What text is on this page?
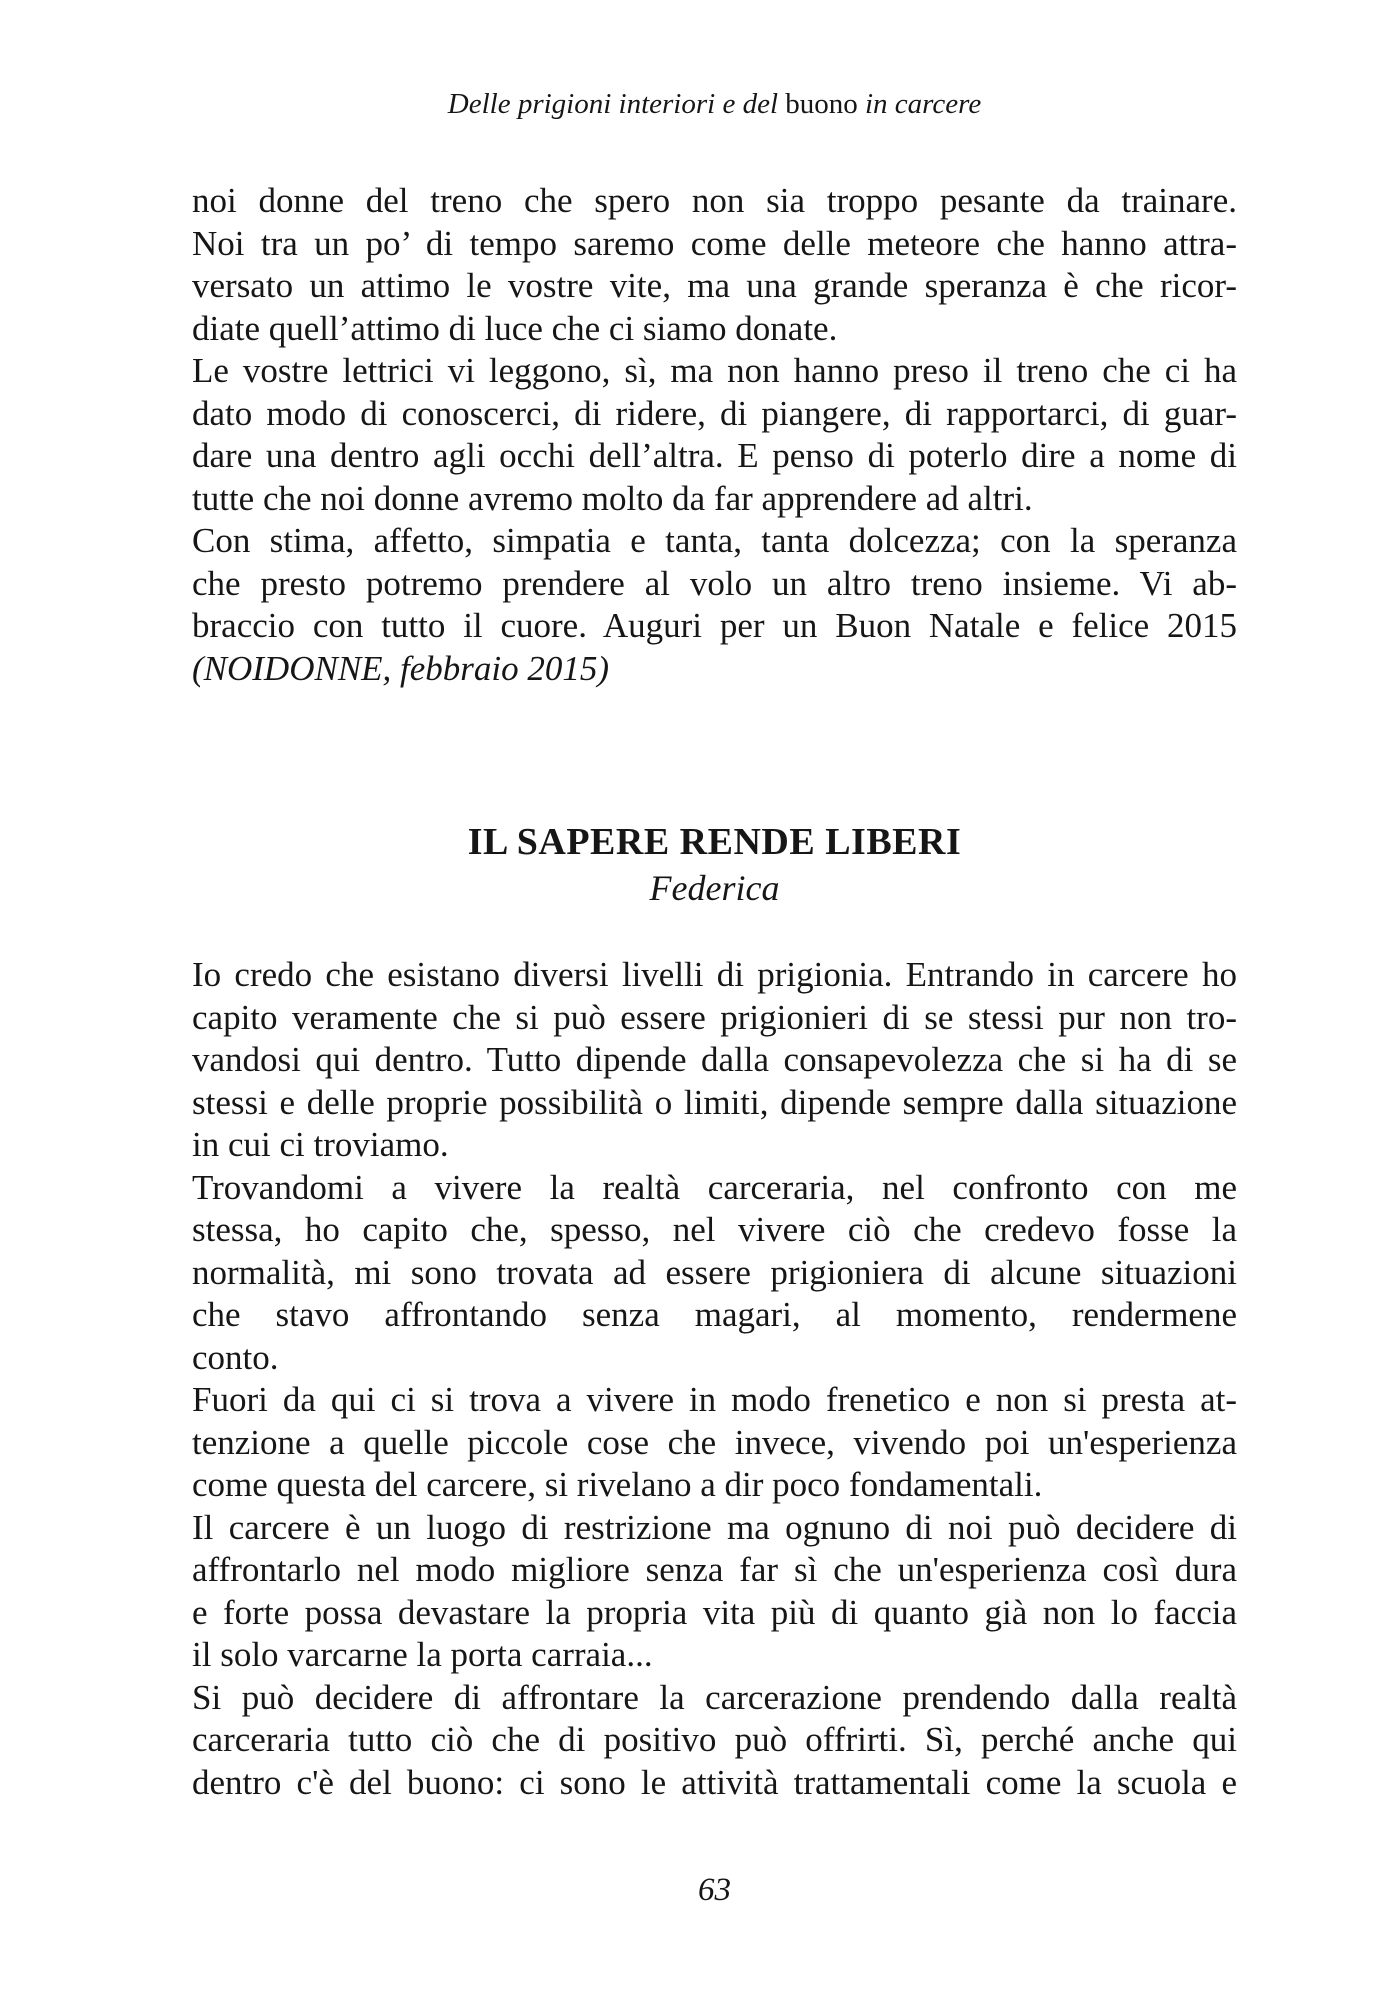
Delle prigioni interiori e del buono in carcere
noi donne del treno che spero non sia troppo pesante da trainare.
Noi tra un po’ di tempo saremo come delle meteore che hanno attra-
versato un attimo le vostre vite, ma una grande speranza è che ricor-
diate quell’attimo di luce che ci siamo donate.
Le vostre lettrici vi leggono, sì, ma non hanno preso il treno che ci ha
dato modo di conoscerci, di ridere, di piangere, di rapportarci, di guar-
dare una dentro agli occhi dell’altra. E penso di poterlo dire a nome di
tutte che noi donne avremo molto da far apprendere ad altri.
Con stima, affetto, simpatia e tanta, tanta dolcezza; con la speranza
che presto potremo prendere al volo un altro treno insieme. Vi ab-
braccio con tutto il cuore. Auguri per un Buon Natale e felice 2015
(NOIDONNE, febbraio 2015)
IL SAPERE RENDE LIBERI
Federica
Io credo che esistano diversi livelli di prigionia. Entrando in carcere ho
capito veramente che si può essere prigionieri di se stessi pur non tro-
vandosi qui dentro. Tutto dipende dalla consapevolezza che si ha di se
stessi e delle proprie possibilità o limiti, dipende sempre dalla situazione
in cui ci troviamo.
Trovandomi a vivere la realtà carceraria, nel confronto con me
stessa, ho capito che, spesso, nel vivere ciò che credevo fosse la
normalità, mi sono trovata ad essere prigioniera di alcune situazioni
che stavo affrontando senza magari, al momento, rendermene
conto.
Fuori da qui ci si trova a vivere in modo frenetico e non si presta at-
tenzione a quelle piccole cose che invece, vivendo poi un'esperienza
come questa del carcere, si rivelano a dir poco fondamentali.
Il carcere è un luogo di restrizione ma ognuno di noi può decidere di
affrontarlo nel modo migliore senza far sì che un'esperienza così dura
e forte possa devastare la propria vita più di quanto già non lo faccia
il solo varcarne la porta carraia...
Si può decidere di affrontare la carcerazione prendendo dalla realtà
carceraria tutto ciò che di positivo può offrirti. Sì, perché anche qui
dentro c'è del buono: ci sono le attività trattamentali come la scuola e
63
